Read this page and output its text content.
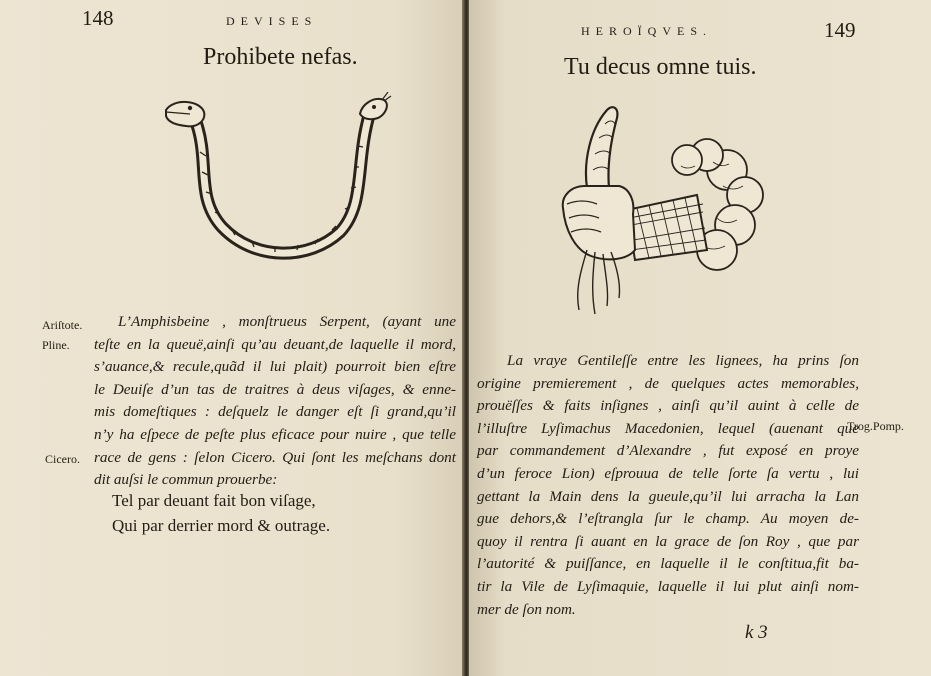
148	DEVISES
Prohibete nefas.
Ariſtote.
Pline.
Cicero.
L’Amphisbeine , monſtrueus Serpent, (ayant une
teſte en la queuë,ainſi qu’au deuant,de laquelle il mord,
s’auance,& recule,quãd il lui plait) pourroit bien eſtre
le Deuiſe d’un tas de traitres à deus viſages, & enne-
mis domeſtiques : deſquelz le danger eſt ſi grand,qu’il
n’y ha eſpece de peſte plus eficace pour nuire , que telle
race de gens : ſelon Cicero. Qui ſont les meſchans dont
dit auſsi le commun prouerbe:
Tel par deuant fait bon viſage,
Qui par derrier mord & outrage.
HEROÏQVES.	149
Tu decus omne tuis.
La vraye Gentileſſe entre les lignees, ha prins ſon
origine premierement , de quelques actes memorables,
prouëſſes & faits inſignes , ainſi qu’il auint à celle de
l’illuſtre Lyſimachus Macedonien, lequel (auenant que
par commandement d’Alexandre , fut exposé en proye
d’un feroce Lion) eſprouua de telle ſorte ſa vertu , lui
gettant la Main dens la gueule,qu’il lui arracha la Lan
gue dehors,& l’eſtrangla ſur le champ. Au moyen de-
quoy il rentra ſi auant en la grace de ſon Roy , que par
l’autorité & puiſſance, en laquelle il le conſtitua,fit ba-
tir la Vile de Lyſimaquie, laquelle il lui plut ainſi nom-
mer de ſon nom.
Trog.Pomp.
k 3
